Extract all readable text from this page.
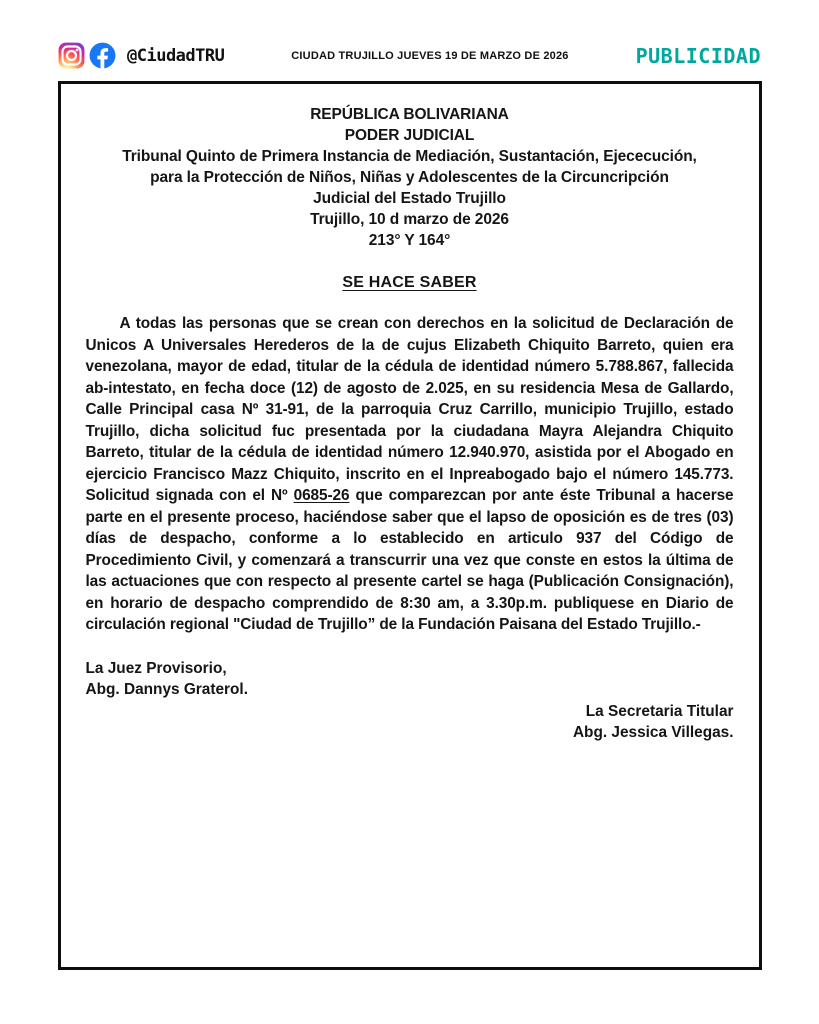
@CiudadTRU	CIUDAD TRUJILLO JUEVES 19 DE MARZO DE 2026	PUBLICIDAD
REPÚBLICA BOLIVARIANA
PODER JUDICIAL
Tribunal Quinto de Primera Instancia de Mediación, Sustantación, Ejececución,
para la Protección de Niños, Niñas y Adolescentes de la Circuncripción
Judicial del Estado Trujillo
Trujillo, 10 d marzo de 2026
213° Y 164°
SE HACE SABER

A todas las personas que se crean con derechos en la solicitud de Declaración de Unicos A Universales Herederos de la de cujus Elizabeth Chiquito Barreto, quien era venezolana, mayor de edad, titular de la cédula de identidad número 5.788.867, fallecida ab-intestato, en fecha doce (12) de agosto de 2.025, en su residencia Mesa de Gallardo, Calle Principal casa Nº 31-91, de la parroquia Cruz Carrillo, municipio Trujillo, estado Trujillo, dicha solicitud fuc presentada por la ciudadana Mayra Alejandra Chiquito Barreto, titular de la cédula de identidad número 12.940.970, asistida por el Abogado en ejercicio Francisco Mazz Chiquito, inscrito en el Inpreabogado bajo el número 145.773. Solicitud signada con el Nº 0685-26 que comparezcan por ante éste Tribunal a hacerse parte en el presente proceso, haciéndose saber que el lapso de oposición es de tres (03) días de despacho, conforme a lo establecido en articulo 937 del Código de Procedimiento Civil, y comenzará a transcurrir una vez que conste en estos la última de las actuaciones que con respecto al presente cartel se haga (Publicación Consignación), en horario de despacho comprendido de 8:30 am, a 3.30p.m. publiquese en Diario de circulación regional "Ciudad de Trujillo” de la Fundación Paisana del Estado Trujillo.-

La Juez Provisorio,
Abg. Dannys Graterol.
La Secretaria Titular
Abg. Jessica Villegas.
